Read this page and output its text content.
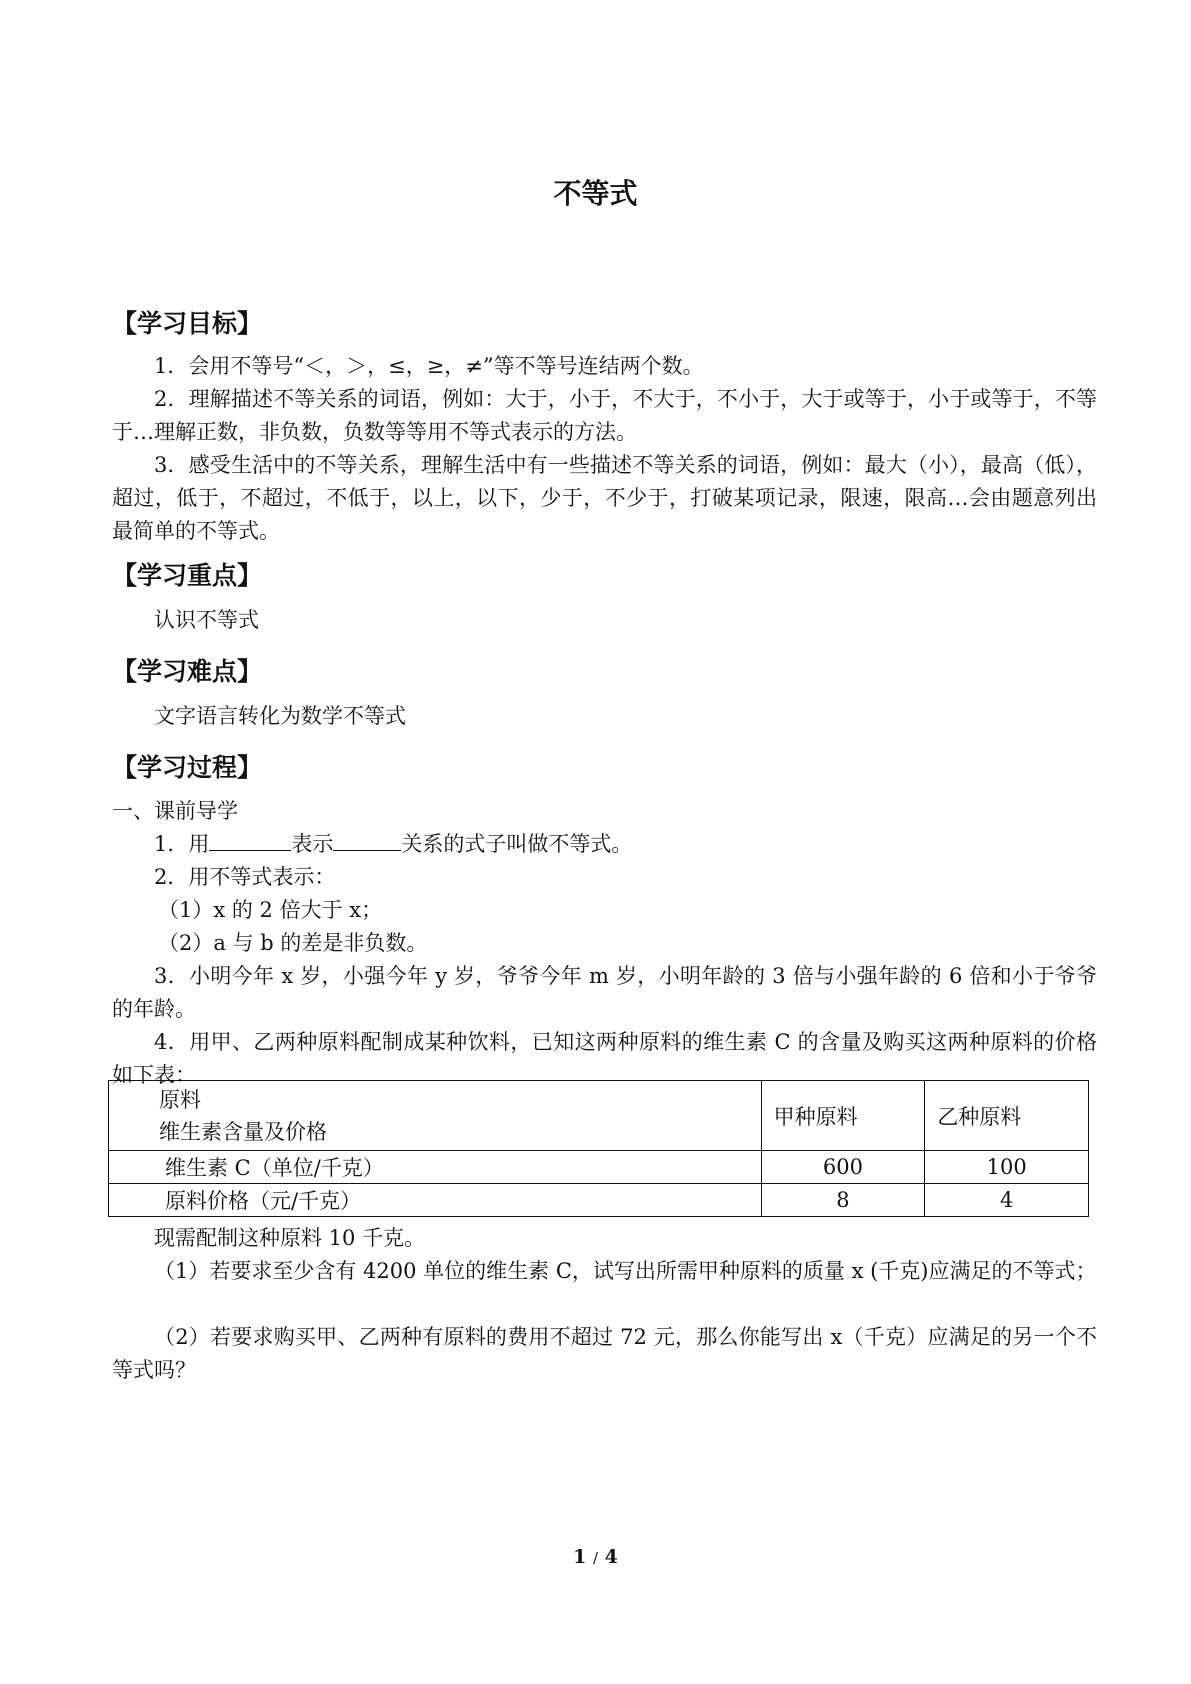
不等式
【学习目标】
1．会用不等号“＜，＞，≤，≥，≠”等不等号连结两个数。
2．理解描述不等关系的词语，例如：大于，小于，不大于，不小于，大于或等于，小于或等于，不等于…理解正数，非负数，负数等等用不等式表示的方法。
3．感受生活中的不等关系，理解生活中有一些描述不等关系的词语，例如：最大（小），最高（低），超过，低于，不超过，不低于，以上，以下，少于，不少于，打破某项记录，限速，限高…会由题意列出最简单的不等式。
【学习重点】
认识不等式
【学习难点】
文字语言转化为数学不等式
【学习过程】
一、课前导学
1．用	表示	关系的式子叫做不等式。
2．用不等式表示：
（1）x 的 2 倍大于 x；
（2）a 与 b 的差是非负数。
3．小明今年 x 岁，小强今年 y 岁，爷爷今年 m 岁，小明年龄的 3 倍与小强年龄的 6 倍和小于爷爷的年龄。
4．用甲、乙两种原料配制成某种饮料，已知这两种原料的维生素 C 的含量及购买这两种原料的价格如下表：
原料
维生素含量及价格	甲种原料	乙种原料
维生素 C（单位/千克）	600	100
原料价格（元/千克）	8	4
现需配制这种原料 10 千克。
（1）若要求至少含有 4200 单位的维生素 C，试写出所需甲种原料的质量 x (千克)应满足的不等式；
（2）若要求购买甲、乙两种有原料的费用不超过 72 元，那么你能写出 x（千克）应满足的另一个不等式吗？
1 / 4
